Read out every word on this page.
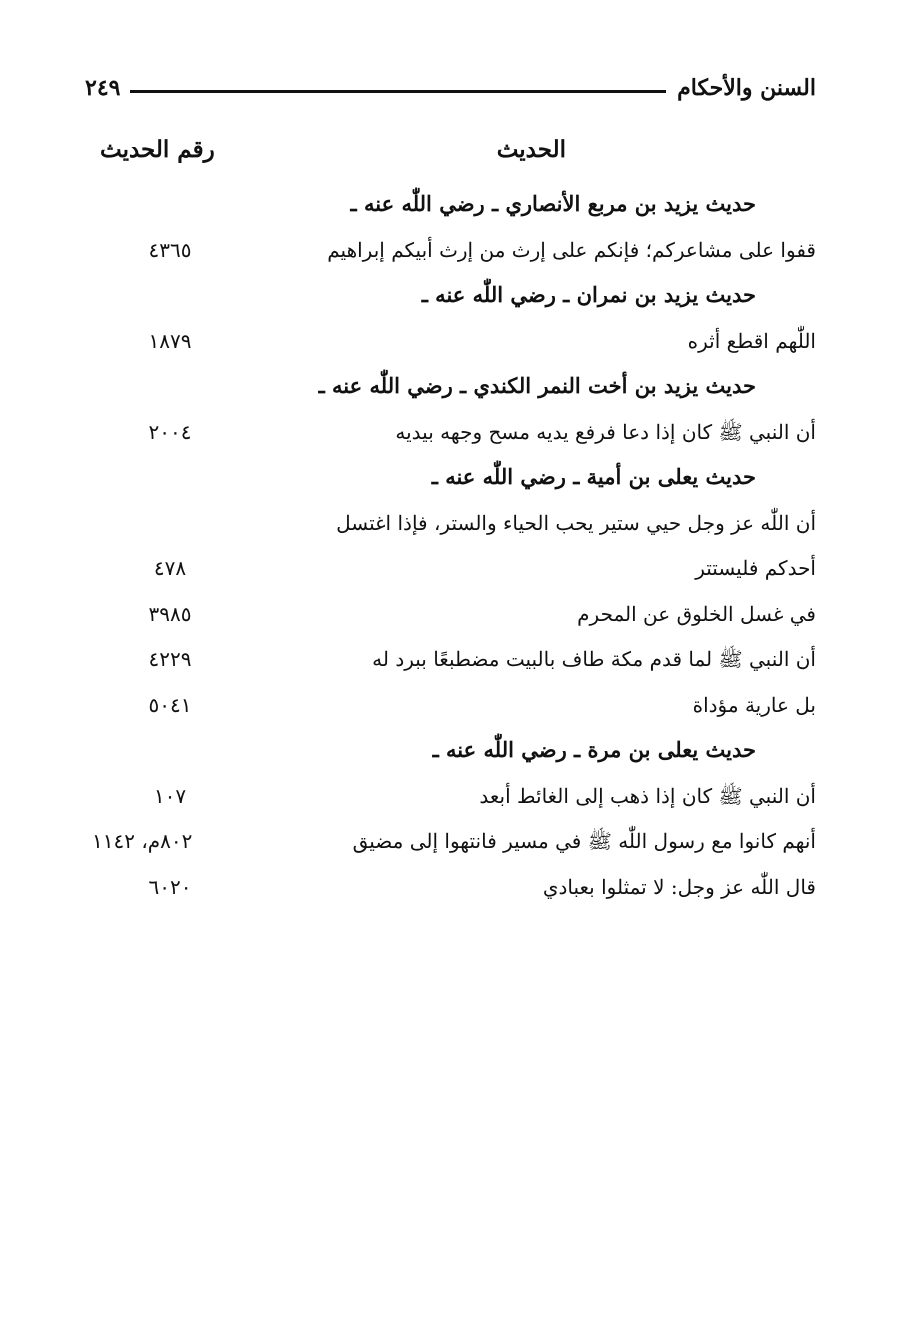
السنن والأحكام
٢٤٩
الحديث
رقم الحديث
حديث يزيد بن مربع الأنصاري ـ رضي اللّٰه عنه ـ
قفوا على مشاعركم؛ فإنكم على إرث من إرث أبيكم إبراهيم
٤٣٦٥
حديث يزيد بن نمران ـ رضي اللّٰه عنه ـ
اللّٰهم اقطع أثره
١٨٧٩
حديث يزيد بن أخت النمر الكندي ـ رضي اللّٰه عنه ـ
أن النبي ﷺ كان إذا دعا فرفع يديه مسح وجهه بيديه
٢٠٠٤
حديث يعلى بن أمية ـ رضي اللّٰه عنه ـ
أن اللّٰه عز وجل حيي ستير يحب الحياء والستر، فإذا اغتسل
أحدكم فليستتر
٤٧٨
في غسل الخلوق عن المحرم
٣٩٨٥
أن النبي ﷺ لما قدم مكة طاف بالبيت مضطبعًا ببرد له
٤٢٢٩
بل عارية مؤداة
٥٠٤١
حديث يعلى بن مرة ـ رضي اللّٰه عنه ـ
أن النبي ﷺ كان إذا ذهب إلى الغائط أبعد
١٠٧
أنهم كانوا مع رسول اللّٰه ﷺ في مسير فانتهوا إلى مضيق
٨٠٢م، ١١٤٢
قال اللّٰه عز وجل: لا تمثلوا بعبادي
٦٠٢٠
